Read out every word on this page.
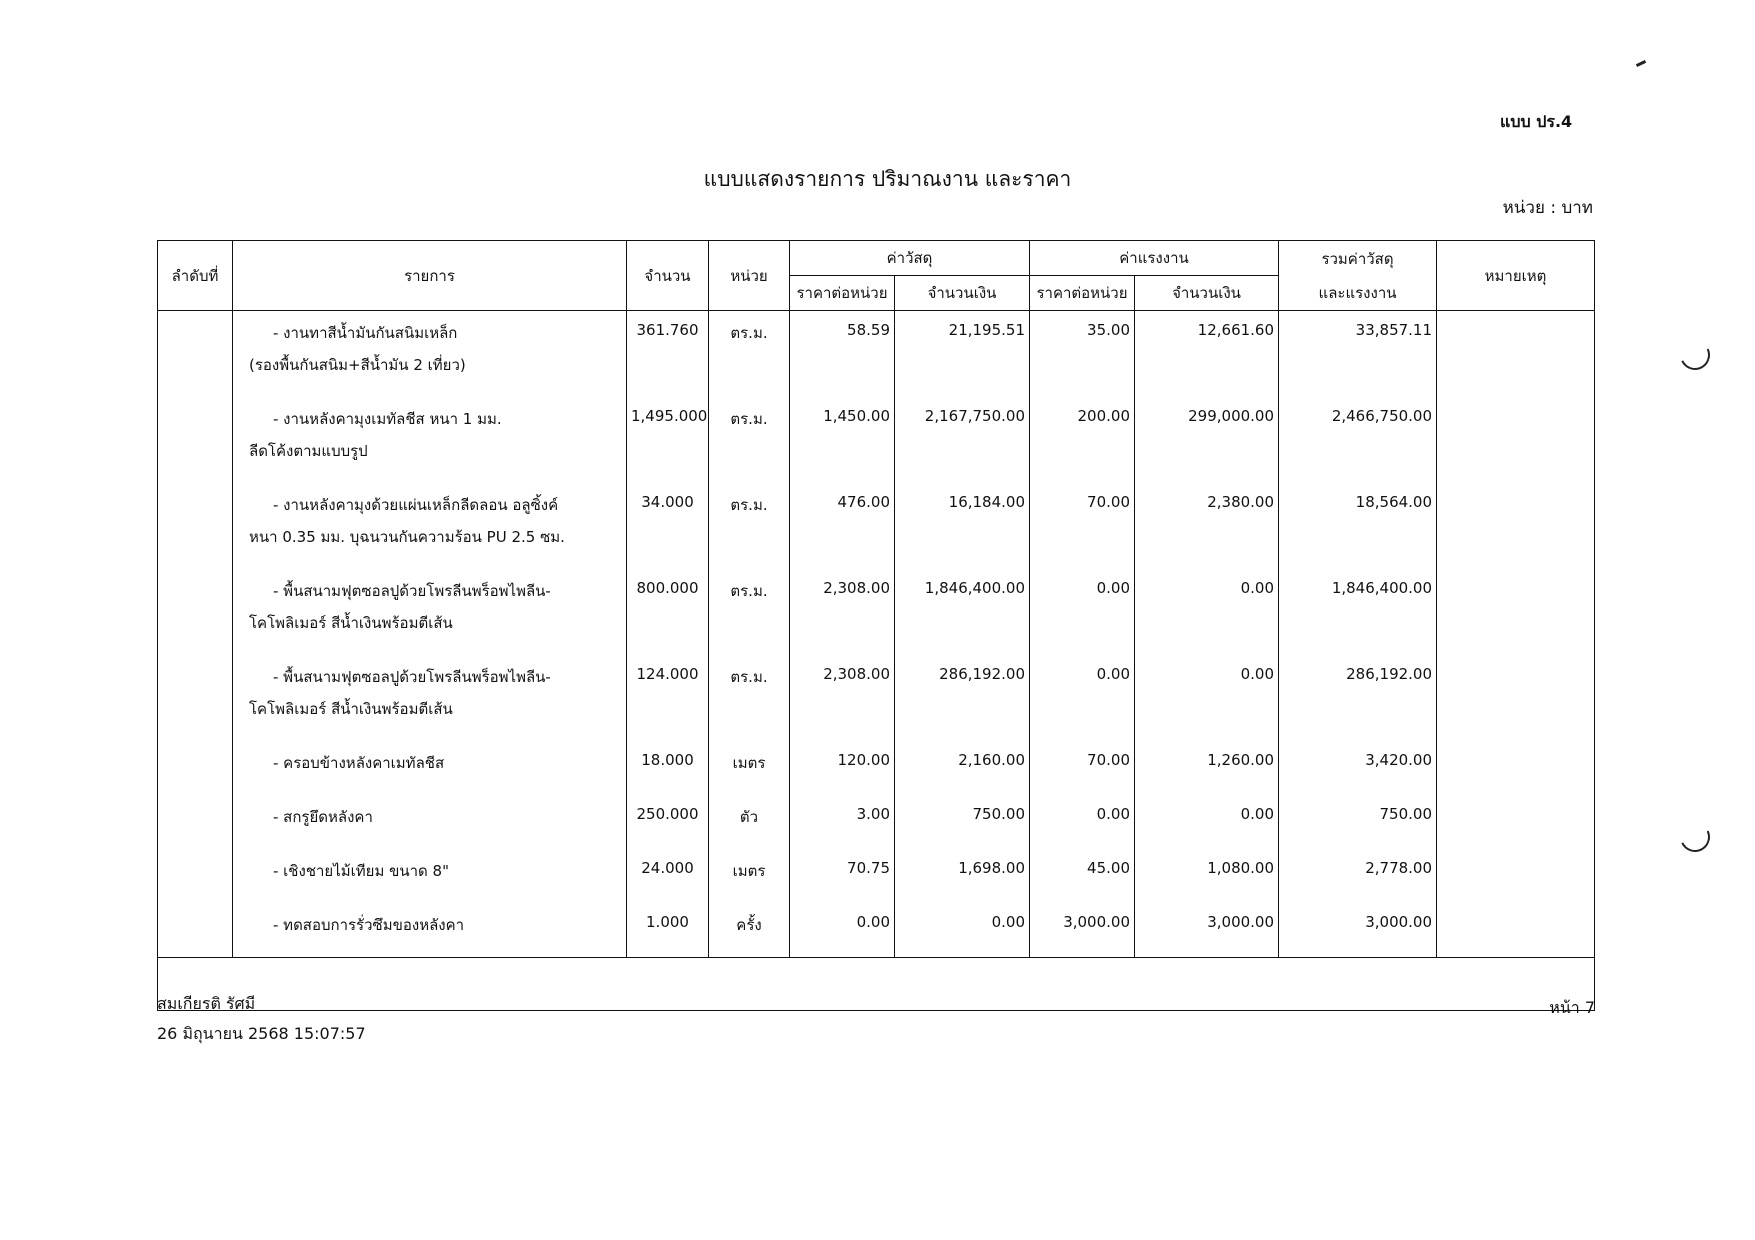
แบบ ปร.4
แบบแสดงรายการ ปริมาณงาน และราคา
หน่วย : บาท
ลำดับที่	รายการ	จำนวน	หน่วย	ค่าวัสดุ		ค่าแรงงาน		รวมค่าวัสดุ
และแรงงาน	หมายเหตุ
				ราคาต่อหน่วย	จำนวนเงิน	ราคาต่อหน่วย	จำนวนเงิน		

	- งานทาสีน้ำมันกันสนิมเหล็ก
(รองพื้นกันสนิม+สีน้ำมัน 2 เที่ยว)	361.760	ตร.ม.	58.59	21,195.51	35.00	12,661.60	33,857.11	

	- งานหลังคามุงเมทัลชีส หนา 1 มม.
ลีดโค้งตามแบบรูป	1,495.000	ตร.ม.	1,450.00	2,167,750.00	200.00	299,000.00	2,466,750.00	

	- งานหลังคามุงด้วยแผ่นเหล็กลีดลอน อลูซิ้งค์
หนา 0.35 มม. บุฉนวนกันความร้อน PU 2.5 ซม.	34.000	ตร.ม.	476.00	16,184.00	70.00	2,380.00	18,564.00	

	- พื้นสนามฟุตซอลปูด้วยโพรลีนพร็อพไพลีน-
โคโพลิเมอร์ สีน้ำเงินพร้อมตีเส้น	800.000	ตร.ม.	2,308.00	1,846,400.00	0.00	0.00	1,846,400.00	

	- พื้นสนามฟุตซอลปูด้วยโพรลีนพร็อพไพลีน-
โคโพลิเมอร์ สีน้ำเงินพร้อมตีเส้น	124.000	ตร.ม.	2,308.00	286,192.00	0.00	0.00	286,192.00	

	- ครอบข้างหลังคาเมทัลชีส	18.000	เมตร	120.00	2,160.00	70.00	1,260.00	3,420.00	

	- สกรูยึดหลังคา	250.000	ตัว	3.00	750.00	0.00	0.00	750.00	

	- เชิงชายไม้เทียม ขนาด 8"	24.000	เมตร	70.75	1,698.00	45.00	1,080.00	2,778.00	

	- ทดสอบการรั่วซึมของหลังคา	1.000	ครั้ง	0.00	0.00	3,000.00	3,000.00	3,000.00	

สมเกียรติ รัศมี
26 มิถุนายน 2568 15:07:57
หน้า 7
